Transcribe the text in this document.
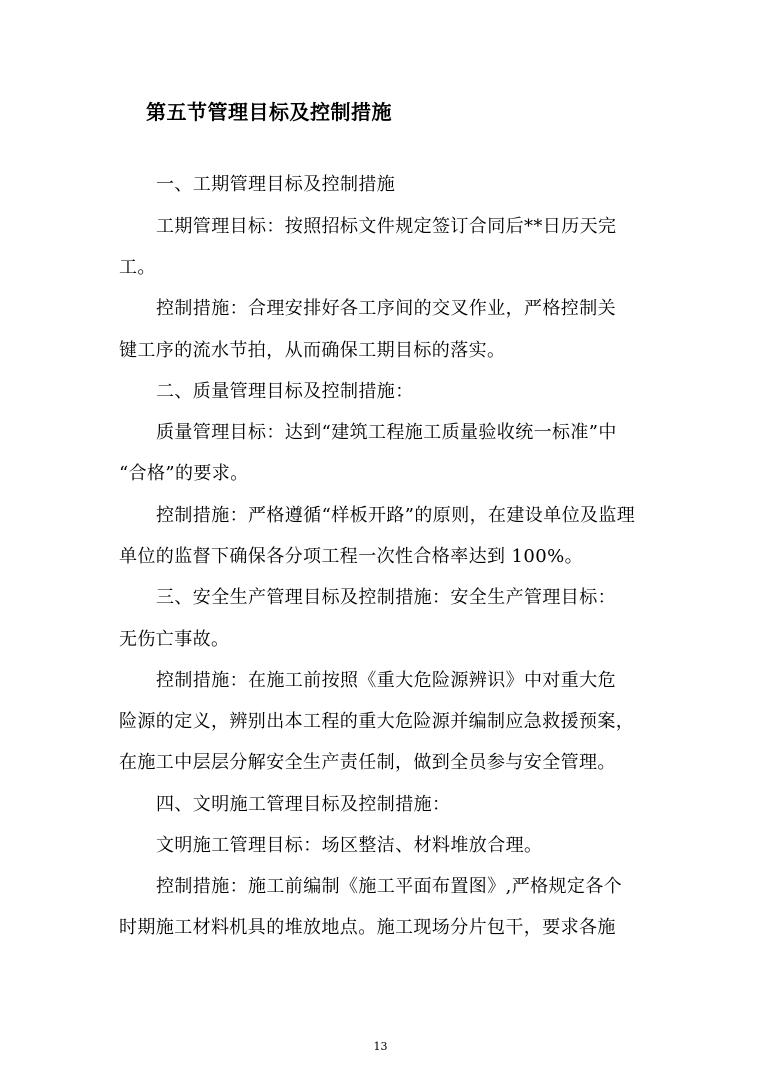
第五节管理目标及控制措施
一、工期管理目标及控制措施
工期管理目标：按照招标文件规定签订合同后**日历天完
工。
控制措施：合理安排好各工序间的交叉作业，严格控制关
键工序的流水节拍，从而确保工期目标的落实。
二、质量管理目标及控制措施：
质量管理目标：达到“建筑工程施工质量验收统一标准”中
“合格”的要求。
控制措施：严格遵循“样板开路”的原则，在建设单位及监理
单位的监督下确保各分项工程一次性合格率达到 100%。
三、安全生产管理目标及控制措施：安全生产管理目标：
无伤亡事故。
控制措施：在施工前按照《重大危险源辨识》中对重大危
险源的定义，辨别出本工程的重大危险源并编制应急救援预案，
在施工中层层分解安全生产责任制，做到全员参与安全管理。
四、文明施工管理目标及控制措施：
文明施工管理目标：场区整洁、材料堆放合理。
控制措施：施工前编制《施工平面布置图》,严格规定各个
时期施工材料机具的堆放地点。施工现场分片包干，要求各施
13
